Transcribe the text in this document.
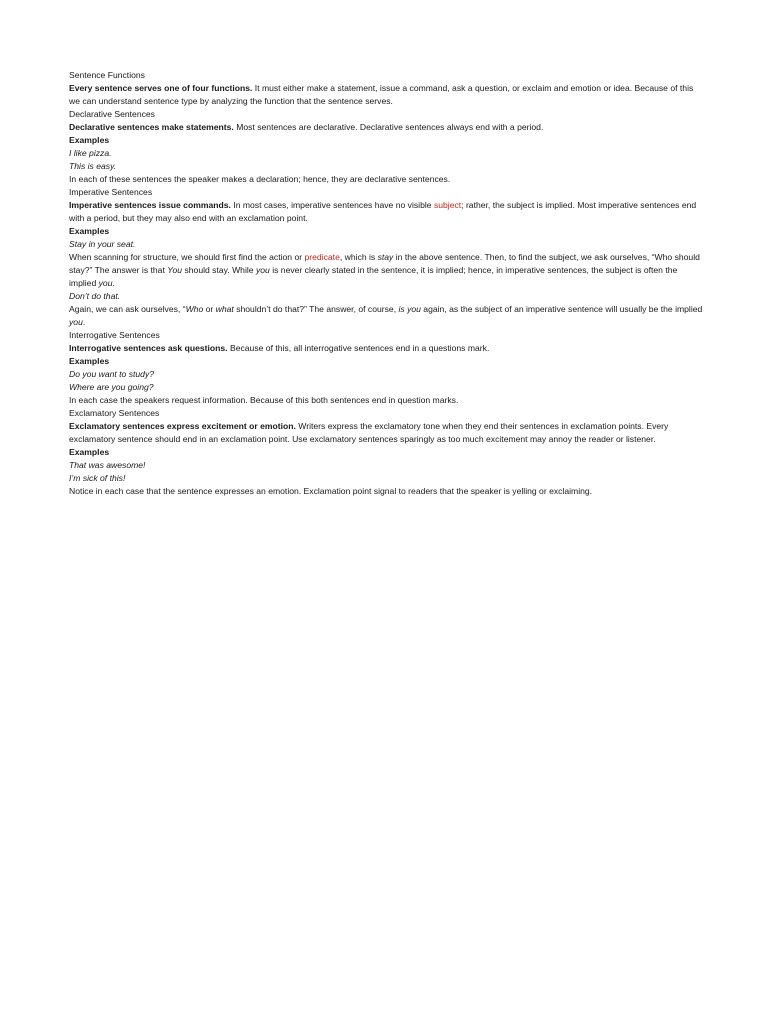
Sentence Functions

Every sentence serves one of four functions. It must either make a statement, issue a command, ask a question, or exclaim and emotion or idea. Because of this we can understand sentence type by analyzing the function that the sentence serves.

Declarative Sentences

Declarative sentences make statements. Most sentences are declarative. Declarative sentences always end with a period.

Examples

I like pizza.

This is easy.

In each of these sentences the speaker makes a declaration; hence, they are declarative sentences.

Imperative Sentences

Imperative sentences issue commands. In most cases, imperative sentences have no visible subject; rather, the subject is implied. Most imperative sentences end with a period, but they may also end with an exclamation point.

Examples

Stay in your seat.

When scanning for structure, we should first find the action or predicate, which is stay in the above sentence. Then, to find the subject, we ask ourselves, “Who should stay?” The answer is that You should stay. While you is never clearly stated in the sentence, it is implied; hence, in imperative sentences, the subject is often the implied you.

Don’t do that.

Again, we can ask ourselves, “Who or what shouldn’t do that?” The answer, of course, is you again, as the subject of an imperative sentence will usually be the implied you.

Interrogative Sentences

Interrogative sentences ask questions. Because of this, all interrogative sentences end in a questions mark.

Examples

Do you want to study?

Where are you going?

In each case the speakers request information. Because of this both sentences end in question marks.

Exclamatory Sentences

Exclamatory sentences express excitement or emotion. Writers express the exclamatory tone when they end their sentences in exclamation points. Every exclamatory sentence should end in an exclamation point. Use exclamatory sentences sparingly as too much excitement may annoy the reader or listener.

Examples

That was awesome!

I’m sick of this!

Notice in each case that the sentence expresses an emotion. Exclamation point signal to readers that the speaker is yelling or exclaiming.
